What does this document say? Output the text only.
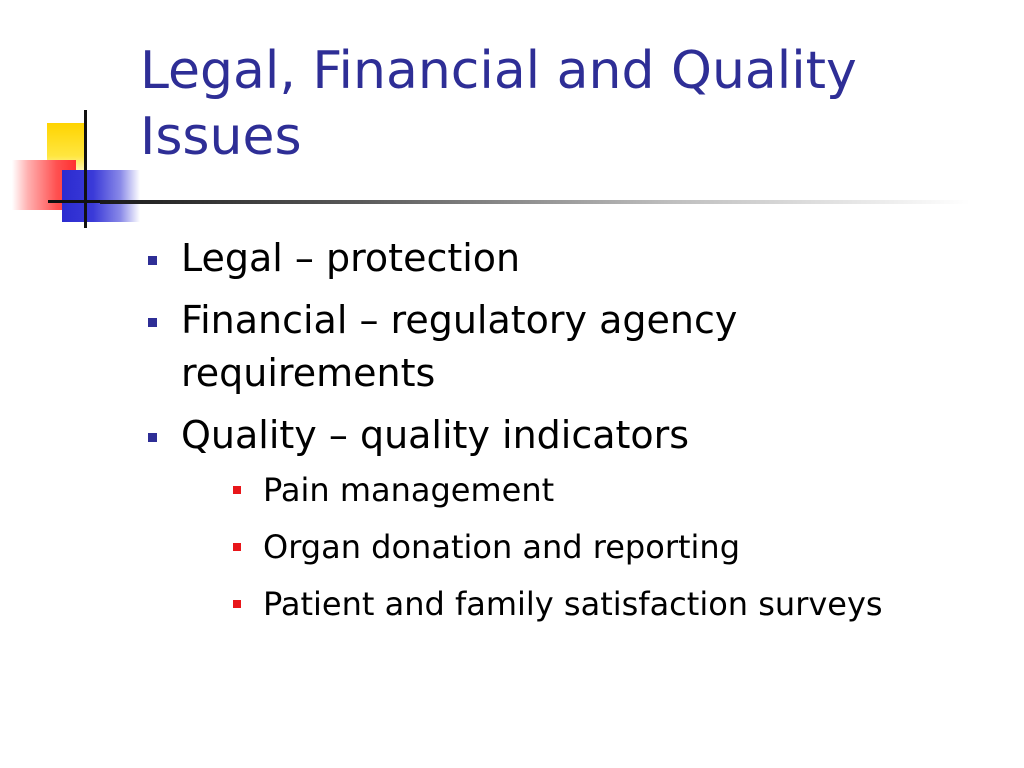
Legal, Financial and Quality
Issues
Legal – protection
Financial – regulatory agency requirements
Quality – quality indicators
Pain management
Organ donation and reporting
Patient and family satisfaction surveys
